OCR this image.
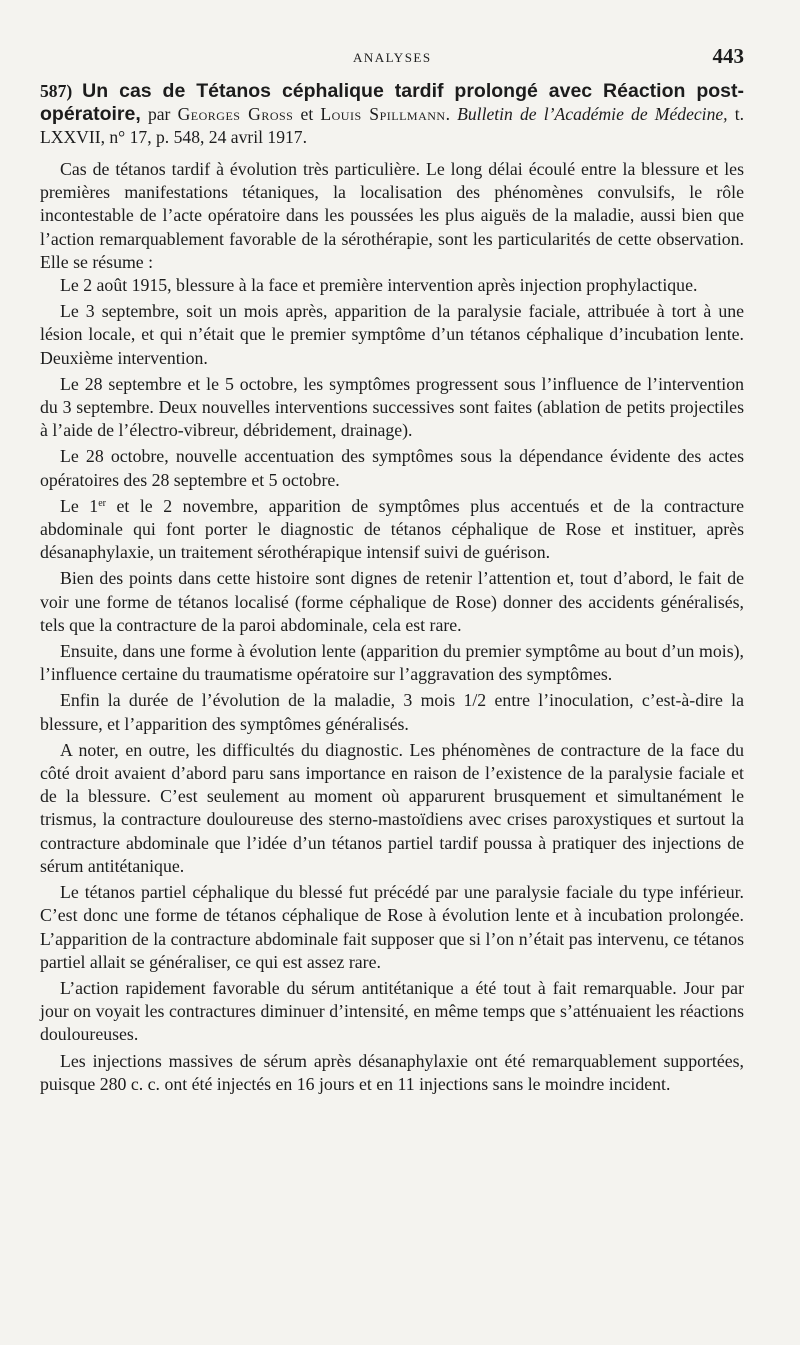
ANALYSES	443
587) Un cas de Tétanos céphalique tardif prolongé avec Réaction post-opératoire, par Georges Gross et Louis Spillmann. Bulletin de l’Académie de Médecine, t. LXXVII, n° 17, p. 548, 24 avril 1917.

Cas de tétanos tardif à évolution très particulière. Le long délai écoulé entre la blessure et les premières manifestations tétaniques, la localisation des phénomènes convulsifs, le rôle incontestable de l’acte opératoire dans les poussées les plus aiguës de la maladie, aussi bien que l’action remarquablement favorable de la sérothérapie, sont les particularités de cette observation. Elle se résume :

Le 2 août 1915, blessure à la face et première intervention après injection prophylactique.

Le 3 septembre, soit un mois après, apparition de la paralysie faciale, attribuée à tort à une lésion locale, et qui n’était que le premier symptôme d’un tétanos céphalique d’incubation lente. Deuxième intervention.

Le 28 septembre et le 5 octobre, les symptômes progressent sous l’influence de l’intervention du 3 septembre. Deux nouvelles interventions successives sont faites (ablation de petits projectiles à l’aide de l’électro-vibreur, débridement, drainage).

Le 28 octobre, nouvelle accentuation des symptômes sous la dépendance évidente des actes opératoires des 28 septembre et 5 octobre.

Le 1er et le 2 novembre, apparition de symptômes plus accentués et de la contracture abdominale qui font porter le diagnostic de tétanos céphalique de Rose et instituer, après désanaphylaxie, un traitement sérothérapique intensif suivi de guérison.

Bien des points dans cette histoire sont dignes de retenir l’attention et, tout d’abord, le fait de voir une forme de tétanos localisé (forme céphalique de Rose) donner des accidents généralisés, tels que la contracture de la paroi abdominale, cela est rare.

Ensuite, dans une forme à évolution lente (apparition du premier symptôme au bout d’un mois), l’influence certaine du traumatisme opératoire sur l’aggravation des symptômes.

Enfin la durée de l’évolution de la maladie, 3 mois 1/2 entre l’inoculation, c’est-à-dire la blessure, et l’apparition des symptômes généralisés.

A noter, en outre, les difficultés du diagnostic. Les phénomènes de contracture de la face du côté droit avaient d’abord paru sans importance en raison de l’existence de la paralysie faciale et de la blessure. C’est seulement au moment où apparurent brusquement et simultanément le trismus, la contracture douloureuse des sterno-mastoïdiens avec crises paroxystiques et surtout la contracture abdominale que l’idée d’un tétanos partiel tardif poussa à pratiquer des injections de sérum antitétanique.

Le tétanos partiel céphalique du blessé fut précédé par une paralysie faciale du type inférieur. C’est donc une forme de tétanos céphalique de Rose à évolution lente et à incubation prolongée. L’apparition de la contracture abdominale fait supposer que si l’on n’était pas intervenu, ce tétanos partiel allait se généraliser, ce qui est assez rare.

L’action rapidement favorable du sérum antitétanique a été tout à fait remarquable. Jour par jour on voyait les contractures diminuer d’intensité, en même temps que s’atténuaient les réactions douloureuses.

Les injections massives de sérum après désanaphylaxie ont été remarquablement supportées, puisque 280 c. c. ont été injectés en 16 jours et en 11 injections sans le moindre incident.
